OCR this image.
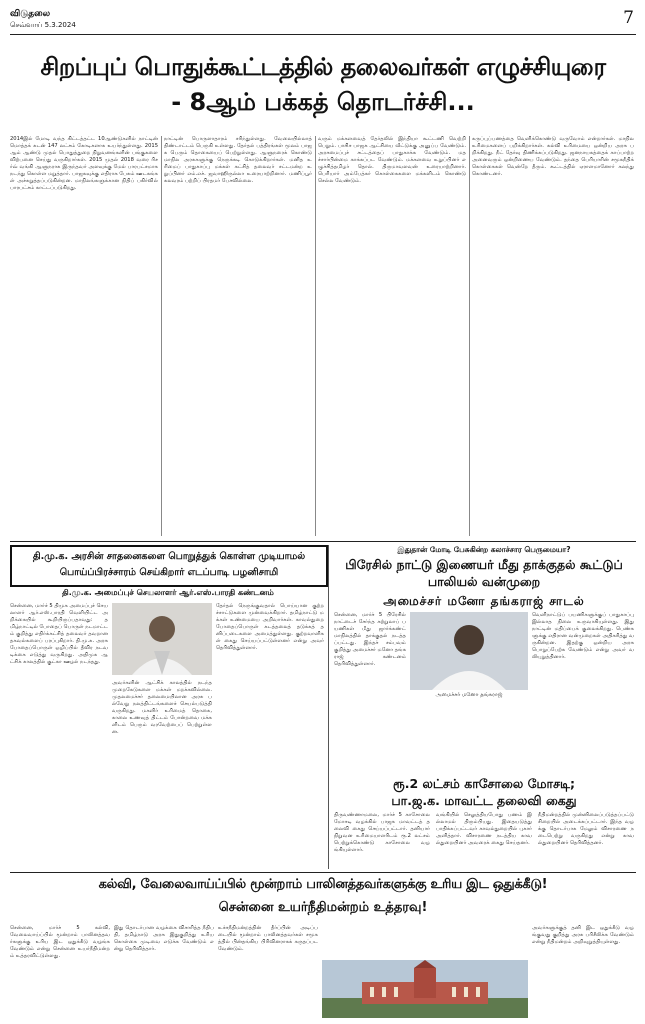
விடுதலை
செவ்வாய் 5.3.2024	7
சிறப்புப் பொதுக்கூட்டத்தில் தலைவர்கள் எழுச்சியுரை
- 8ஆம் பக்கத் தொடர்ச்சி...
2014இல் மோடி வந்த கிட்டத்தட்ட 10ஆண்டுகளில் நாட்டின் மொத்தக் கடன் 147 லட்சம் கோடிகளாக உயர்ந்துள்ளது. 2015ஆம் ஆண்டு முதல் பொதுத்துறை நிறுவனங்களின் பங்குகளை விற்பனை செய்து வருகிறார்கள். 2015 முதல் 2018 வரை ரிசர்வ் வங்கி ஆளுநராக இருந்தவர் அளவுக்கு மேல் பாரபட்சமாக நடந்து கொள்ள மறுத்தார். பாஜகவுக்கு எதிராக பேசும் ஊடகங்கள் அச்சுறுத்தப்படுகின்றன. மாநிலங்களுக்கான நிதிப் பகிர்வில் பாரபட்சம் காட்டப்படுகிறது.
நாட்டின் பொருளாதாரம் சரிந்துள்ளது. வேலையில்லாத் திண்டாட்டம் பெருகி உள்ளது. தேர்தல் பத்திரங்கள் மூலம் பாஜக பெரும் தொகையைப் பெற்றுள்ளது. ஆளுநரைக் கொண்டு மாநில அரசுகளுக்கு நெருக்கடி கொடுக்கிறார்கள். மனித உரிமைப் பாதுகாப்பு மக்கள் கட்சித் தலைவர் சட்டமன்ற உறுப்பினர் எம்.எச். ஜவாஹிருல்லா உரையாற்றினார். மணிப்பூர் கலவரம் பற்றிப் பிரதமர் பேசவில்லை.
வரும் மக்களவைத் தேர்தலில் இந்தியா கூட்டணி வெற்றி பெறும். பாசிச பாஜக ஆட்சியை வீட்டுக்கு அனுப்ப வேண்டும். அரசமைப்புச் சட்டத்தைப் பாதுகாக்க வேண்டும். மதச்சார்பின்மை காக்கப்பட வேண்டும். மக்களவை உறுப்பினர் எழுச்சித்தமிழர் தொல். திருமாவளவன் உரையாற்றினார். பெரியார் அம்பேத்கர் கொள்கைகளை மக்களிடம் கொண்டு செல்ல வேண்டும்.
கருப்புப்பணத்தை வெளிக்கொண்டு வருவோம் என்றார்கள். மாநில உரிமைகளைப் பறிக்கிறார்கள். கல்வி உரிமையை ஒன்றிய அரசு பறிக்கிறது. நீட் தேர்வு திணிக்கப்படுகிறது. ஜனநாயகத்தைக் காப்பாற்ற அனைவரும் ஒன்றிணைய வேண்டும். தந்தை பெரியாரின் சமூகநீதிக் கொள்கைகள் வென்றே தீரும். கூட்டத்தில் ஏராளமானோர் கலந்து கொண்டனர்.
தி.மு.க. அரசின் சாதனைகளை பொறுத்துக் கொள்ள முடியாமல் பொய்ப்பிரச்சாரம் செய்கிறார் எடப்பாடி பழனிசாமி
தி.மு.க. அமைப்புச் செயலாளர் ஆர்.எஸ்.பாரதி கண்டனம்
சென்னை, மார்ச் 5 திமுக அமைப்புச் செயலாளர் ஆர்.எஸ்.பாரதி வெளியிட்ட அறிக்கையில் கூறியிருப்பதாவது: தமிழ்நாட்டில் போதைப் பொருள் நடமாட்டம் குறித்து எதிர்க்கட்சித் தலைவர் தவறான தகவல்களைப் பரப்புகிறார். தி.மு.க. அரசு போதைப்பொருள் ஒழிப்பில் தீவிர நடவடிக்கை எடுத்து வருகிறது. அதிமுக ஆட்சிக் காலத்தில் குட்கா ஊழல் நடந்தது.
அவர்களின் ஆட்சிக் காலத்தில் நடந்த முறைகேடுகளை மக்கள் மறக்கவில்லை. முதலமைச்சர் தலைமையிலான அரசு பல்வேறு நலத்திட்டங்களைச் செயல்படுத்தி வருகிறது. மகளிர் உரிமைத் தொகை, காலை உணவுத் திட்டம் போன்றவை மக்களிடம் பெரும் வரவேற்பைப் பெற்றுள்ளன.
தேர்தல் நெருங்குவதால் பொய்யான குற்றச்சாட்டுகளை முன்வைக்கிறார். தமிழ்நாட்டு மக்கள் உண்மையை அறிவார்கள். காவல்துறை போதைப்பொருள் கடத்தலைத் தடுக்கத் தனிப்படைகளை அமைத்துள்ளது. குற்றவாளிகள் கைது செய்யப்பட்டுள்ளனர் என்று அவர் தெரிவித்துள்ளார்.
இதுதான் மோடி பேசுகின்ற கலாச்சார பெருமையா?
பிரேசில் நாட்டு இணையர் மீது தாக்குதல் கூட்டுப் பாலியல் வன்முறை
அமைச்சர் மனோ தங்கராஜ் சாடல்
சென்னை, மார்ச் 5 பிரேசில் நாட்டைச் சேர்ந்த சுற்றுலாப் பயணிகள் மீது ஜார்க்கண்ட் மாநிலத்தில் தாக்குதல் நடத்தப்பட்டது. இந்தச் சம்பவம் குறித்து அமைச்சர் மனோ தங்கராஜ் கண்டனம் தெரிவித்துள்ளார்.
அமைச்சர் மனோ தங்கராஜ்
வெளிநாட்டுப் பயணிகளுக்குப் பாதுகாப்பு இல்லாத நிலை உருவாகியுள்ளது. இது நாட்டின் மதிப்பைக் குலைக்கிறது. பெண்களுக்கு எதிரான வன்முறைகள் அதிகரித்து வருகின்றன. இதற்கு ஒன்றிய அரசு பொறுப்பேற்க வேண்டும் என்று அவர் வலியுறுத்தினார்.
ரூ.2 லட்சம் காசோலை மோசடி;
பா.ஜ.க. மாவட்ட தலைவி கைது
திருவண்ணாமலை, மார்ச் 5 காசோலை மோசடி வழக்கில் பாஜக மாவட்டத் தலைவி கைது செய்யப்பட்டார். தனியார் நிறுவன உரிமையாளரிடம் ரூ.2 லட்சம் பெற்றுக்கொண்டு காசோலை வழங்கியுள்ளார்.
வங்கியில் செலுத்தியபோது பணம் இல்லாமல் திரும்பியது. இதையடுத்து பாதிக்கப்பட்டவர் காவல்துறையில் புகார் அளித்தார். விசாரணை நடத்திய காவல்துறையினர் அவரைக் கைது செய்தனர்.
நீதிமன்றத்தில் முன்னிலைப்படுத்தப்பட்டு சிறையில் அடைக்கப்பட்டார். இந்த வழக்கு தொடர்பாக மேலும் விசாரணை நடைபெற்று வருகிறது என்று காவல்துறையினர் தெரிவித்தனர்.
கல்வி, வேலைவாய்ப்பில் மூன்றாம் பாலினத்தவர்களுக்கு உரிய இட ஒதுக்கீடு!
சென்னை உயர்நீதிமன்றம் உத்தரவு!
சென்னை, மார்ச் 5 கல்வி, வேலைவாய்ப்பில் மூன்றாம் பாலினத்தவர்களுக்கு உரிய இட ஒதுக்கீடு வழங்க வேண்டும் என்று சென்னை உயர்நீதிமன்றம் உத்தரவிட்டுள்ளது.
இது தொடர்பான வழக்கை விசாரித்த நீதிபதி, தமிழ்நாடு அரசு இதுகுறித்து உரிய கொள்கை முடிவை எடுக்க வேண்டும் என்று தெரிவித்தார்.
உச்சநீதிமன்றத்தின் தீர்ப்பின் அடிப்படையில் மூன்றாம் பாலினத்தவர்கள் சமூகத்தில் பின்தங்கிய பிரிவினராகக் கருதப்பட வேண்டும்.
அவர்களுக்குத் தனி இட ஒதுக்கீடு வழங்குவது குறித்து அரசு பரிசீலிக்க வேண்டும் என்று நீதிமன்றம் அறிவுறுத்தியுள்ளது.
